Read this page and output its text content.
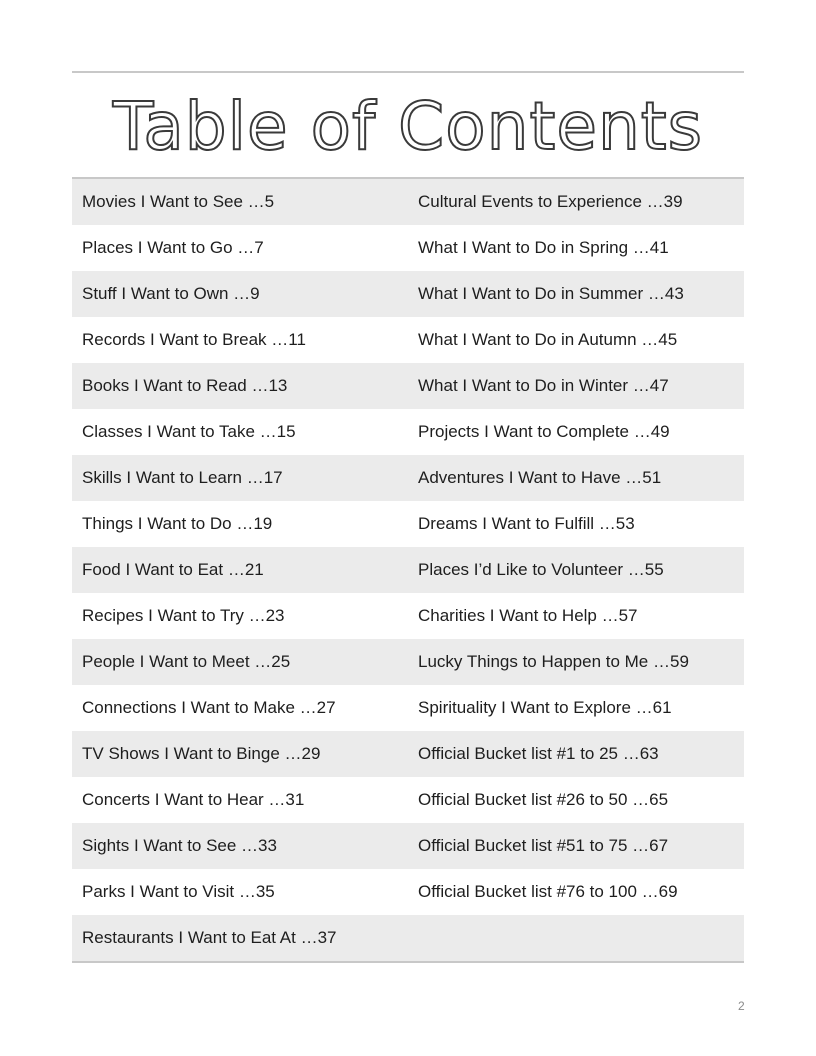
Table of Contents
Movies I Want to See …5	Cultural Events to Experience …39
Places I Want to Go …7	What I Want to Do in Spring …41
Stuff I Want to Own …9	What I Want to Do in Summer …43
Records I Want to Break …11	What I Want to Do in Autumn …45
Books I Want to Read …13	What I Want to Do in Winter …47
Classes I Want to Take …15	Projects I Want to Complete …49
Skills I Want to Learn …17	Adventures I Want to Have …51
Things I Want to Do …19	Dreams I Want to Fulfill …53
Food I Want to Eat …21	Places I’d Like to Volunteer …55
Recipes I Want to Try …23	Charities I Want to Help …57
People I Want to Meet …25	Lucky Things to Happen to Me …59
Connections I Want to Make …27	Spirituality I Want to Explore …61
TV Shows I Want to Binge …29	Official Bucket list #1 to 25 …63
Concerts I Want to Hear …31	Official Bucket list #26 to 50 …65
Sights I Want to See …33	Official Bucket list #51 to 75 …67
Parks I Want to Visit …35	Official Bucket list #76 to 100 …69
Restaurants I Want to Eat At …37
2
